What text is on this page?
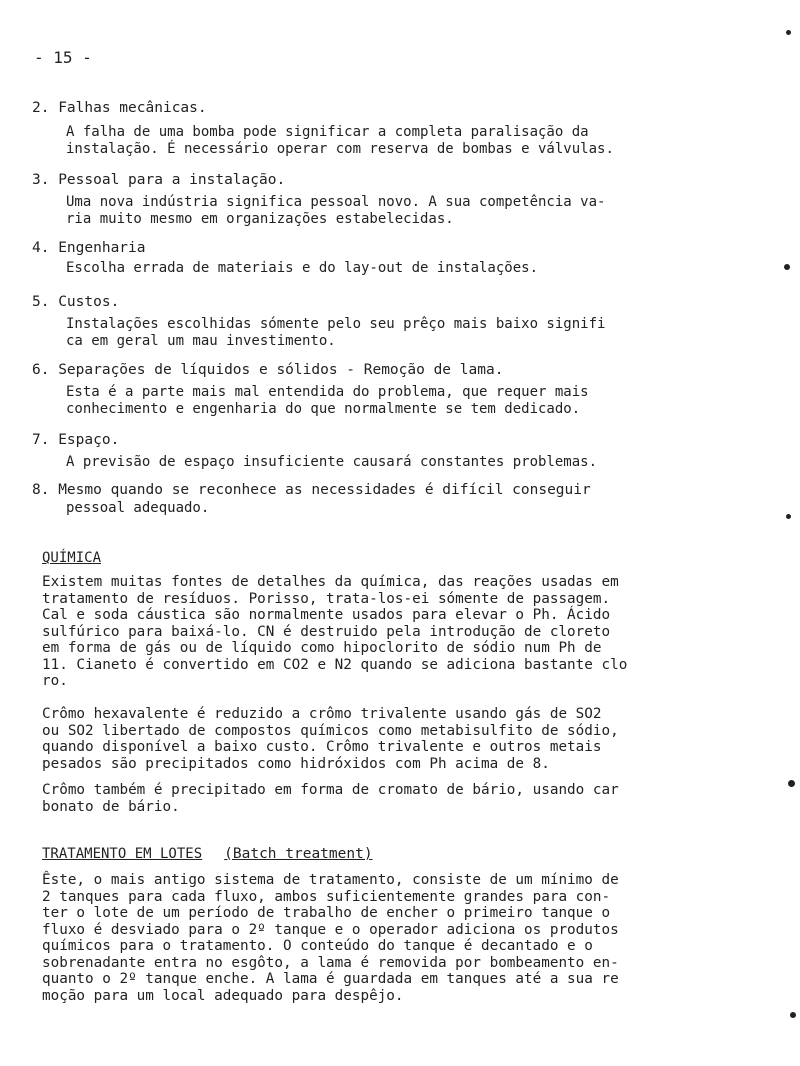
- 15 -
2. Falhas mecânicas.
A falha de uma bomba pode significar a completa paralisação da
instalação. É necessário operar com reserva de bombas e válvulas.
3. Pessoal para a instalação.
Uma nova indústria significa pessoal novo. A sua competência va-
ria muito mesmo em organizações estabelecidas.
4. Engenharia
Escolha errada de materiais e do lay-out de instalações.
5. Custos.
Instalações escolhidas sómente pelo seu prêço mais baixo signifi
ca em geral um mau investimento.
6. Separações de líquidos e sólidos - Remoção de lama.
Esta é a parte mais mal entendida do problema, que requer mais
conhecimento e engenharia do que normalmente se tem dedicado.
7. Espaço.
A previsão de espaço insuficiente causará constantes problemas.
8. Mesmo quando se reconhece as necessidades é difícil conseguir
pessoal adequado.
QUÍMICA
Existem muitas fontes de detalhes da química, das reações usadas em
tratamento de resíduos. Porisso, trata-los-ei sómente de passagem.
Cal e soda cáustica são normalmente usados para elevar o Ph. Ácido
sulfúrico para baixá-lo. CN é destruido pela introdução de cloreto
em forma de gás ou de líquido como hipoclorito de sódio num Ph de
11. Cianeto é convertido em CO2 e N2 quando se adiciona bastante clo
ro.
Crômo hexavalente é reduzido a crômo trivalente usando gás de SO2
ou SO2 libertado de compostos químicos como metabisulfito de sódio,
quando disponível a baixo custo. Crômo trivalente e outros metais
pesados são precipitados como hidróxidos com Ph acima de 8.
Crômo também é precipitado em forma de cromato de bário, usando car
bonato de bário.
TRATAMENTO EM LOTES (Batch treatment)
Êste, o mais antigo sistema de tratamento, consiste de um mínimo de
2 tanques para cada fluxo, ambos suficientemente grandes para con-
ter o lote de um período de trabalho de encher o primeiro tanque o
fluxo é desviado para o 2º tanque e o operador adiciona os produtos
químicos para o tratamento. O conteúdo do tanque é decantado e o
sobrenadante entra no esgôto, a lama é removida por bombeamento en-
quanto o 2º tanque enche. A lama é guardada em tanques até a sua re
moção para um local adequado para despêjo.
